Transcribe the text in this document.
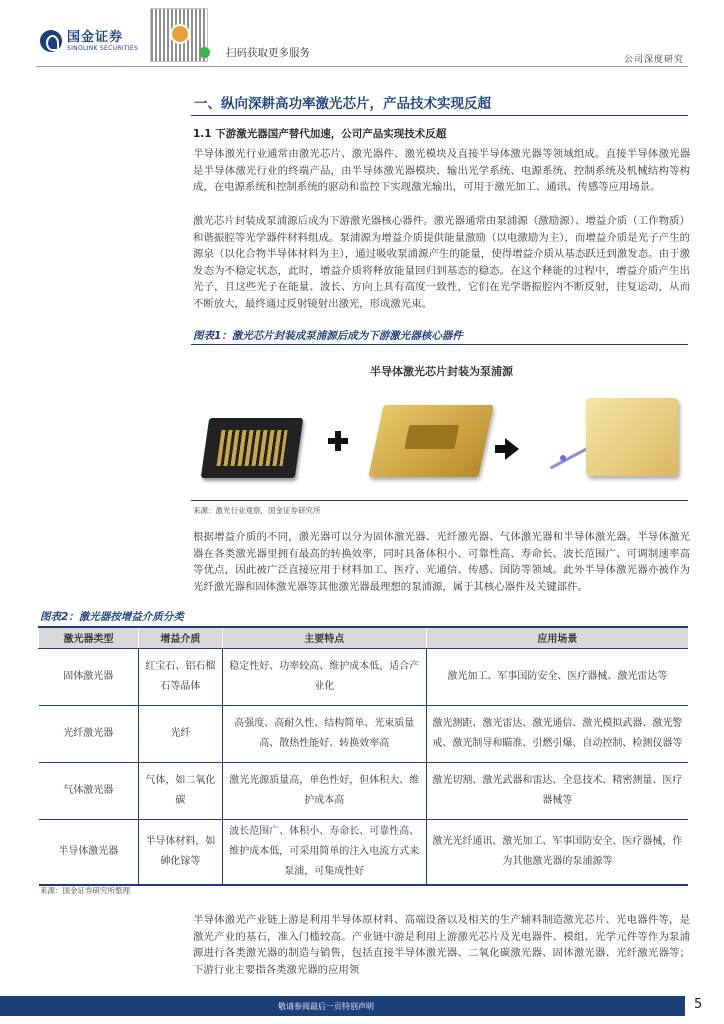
国金证券
SINOLINK SECURITIES	扫码获取更多服务
公司深度研究
一、纵向深耕高功率激光芯片，产品技术实现反超
1.1 下游激光器国产替代加速，公司产品实现技术反超

半导体激光行业通常由激光芯片、激光器件、激光模块及直接半导体激光器等领域组成。直接半导体激光器是半导体激光行业的终端产品，由半导体激光器模块、输出光学系统、电源系统、控制系统及机械结构等构成，在电源系统和控制系统的驱动和监控下实现激光输出，可用于激光加工、通讯、传感等应用场景。

激光芯片封装成泵浦源后成为下游激光器核心器件。激光器通常由泵浦源（激励源）、增益介质（工作物质）和谐振腔等光学器件材料组成。泵浦源为增益介质提供能量激励（以电激励为主），而增益介质是光子产生的源泉（以化合物半导体材料为主），通过吸收泵浦源产生的能量，使得增益介质从基态跃迁到激发态。由于激发态为不稳定状态，此时，增益介质将释放能量回归到基态的稳态。在这个释能的过程中，增益介质产生出光子，且这些光子在能量、波长、方向上具有高度一致性，它们在光学谐振腔内不断反射，往复运动，从而不断放大，最终通过反射镜射出激光，形成激光束。

图表1：激光芯片封装成泵浦源后成为下游激光器核心器件
半导体激光芯片封装为泵浦源
来源：激光行业观察，国金证券研究所

根据增益介质的不同，激光器可以分为固体激光器、光纤激光器、气体激光器和半导体激光器。半导体激光器在各类激光器里拥有最高的转换效率，同时具备体积小、可靠性高、寿命长、波长范围广、可调制速率高等优点，因此被广泛直接应用于材料加工、医疗、光通信、传感、国防等领域。此外半导体激光器亦被作为光纤激光器和固体激光器等其他激光器最理想的泵浦源，属于其核心器件及关键部件。

图表2：激光器按增益介质分类
激光器类型	增益介质	主要特点	应用场景
固体激光器	红宝石、铝石榴石等晶体	稳定性好、功率较高、维护成本低，适合产业化	激光加工、军事国防安全、医疗器械、激光雷达等
光纤激光器	光纤	高强度、高耐久性、结构简单、光束质量高、散热性能好、转换效率高	激光测距、激光雷达、激光通信、激光模拟武器、激光警戒、激光制导和瞄准、引燃引爆、自动控制、检测仪器等
气体激光器	气体，如二氧化碳	激光光源质量高，单色性好，但体积大、维护成本高	激光切割、激光武器和雷达、全息技术、精密测量、医疗器械等
半导体激光器	半导体材料，如砷化镓等	波长范围广、体积小、寿命长、可靠性高、维护成本低，可采用简单的注入电流方式来泵浦，可集成性好	激光光纤通讯、激光加工、军事国防安全、医疗器械，作为其他激光器的泵浦源等
来源：国金证券研究所整理

半导体激光产业链上游是利用半导体原材料、高端设备以及相关的生产辅料制造激光芯片、光电器件等，是激光产业的基石，准入门槛较高。产业链中游是利用上游激光芯片及光电器件、模组、光学元件等作为泵浦源进行各类激光器的制造与销售，包括直接半导体激光器、二氧化碳激光器、固体激光器、光纤激光器等；下游行业主要指各类激光器的应用领

敬请参阅最后一页特别声明	5
